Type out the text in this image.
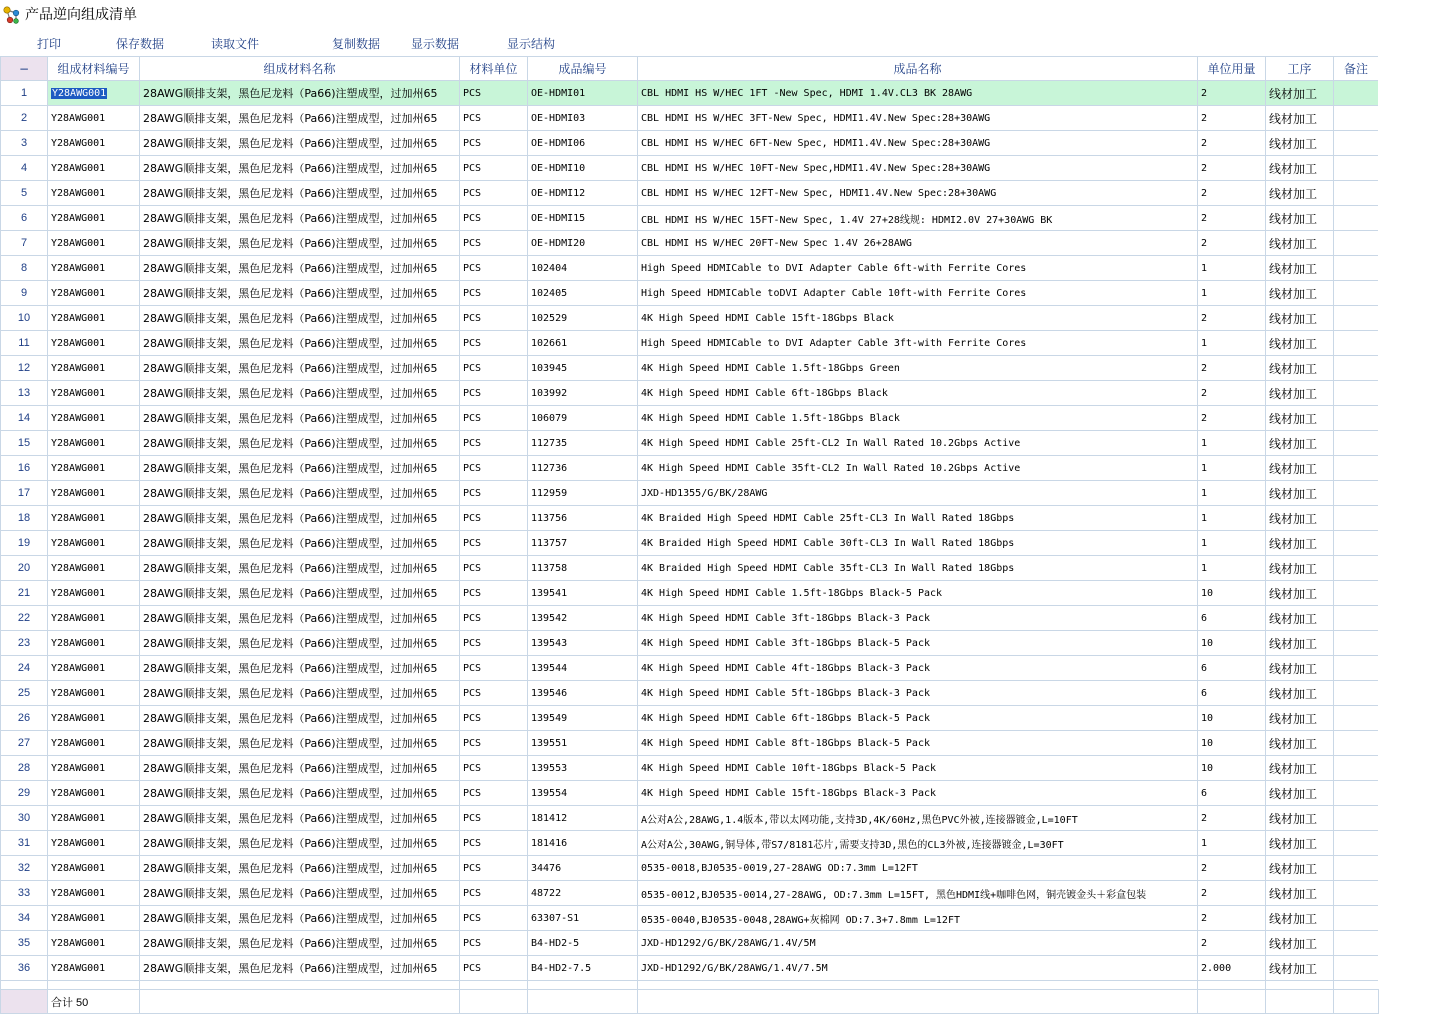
产品逆向组成清单
打印	保存数据	读取文件	复制数据	显示数据	显示结构
−	组成材料编号	组成材料名称	材料单位	成品编号	成品名称	单位用量	工序	备注
1	Y28AWG001	28AWG顺排支架，黑色尼龙料（Pa66)注塑成型，过加州65	PCS	OE-HDMI01	CBL HDMI HS W/HEC 1FT -New Spec, HDMI 1.4V.CL3 BK 28AWG	2	线材加工	
2	Y28AWG001	28AWG顺排支架，黑色尼龙料（Pa66)注塑成型，过加州65	PCS	OE-HDMI03	CBL HDMI HS W/HEC 3FT-New Spec, HDMI1.4V.New Spec:28+30AWG	2	线材加工	
3	Y28AWG001	28AWG顺排支架，黑色尼龙料（Pa66)注塑成型，过加州65	PCS	OE-HDMI06	CBL HDMI HS W/HEC 6FT-New Spec, HDMI1.4V.New Spec:28+30AWG	2	线材加工	
4	Y28AWG001	28AWG顺排支架，黑色尼龙料（Pa66)注塑成型，过加州65	PCS	OE-HDMI10	CBL HDMI HS W/HEC 10FT-New Spec,HDMI1.4V.New Spec:28+30AWG	2	线材加工	
5	Y28AWG001	28AWG顺排支架，黑色尼龙料（Pa66)注塑成型，过加州65	PCS	OE-HDMI12	CBL HDMI HS W/HEC 12FT-New Spec, HDMI1.4V.New Spec:28+30AWG	2	线材加工	
6	Y28AWG001	28AWG顺排支架，黑色尼龙料（Pa66)注塑成型，过加州65	PCS	OE-HDMI15	CBL HDMI HS W/HEC 15FT-New Spec, 1.4V 27+28线规: HDMI2.0V 27+30AWG BK	2	线材加工	
7	Y28AWG001	28AWG顺排支架，黑色尼龙料（Pa66)注塑成型，过加州65	PCS	OE-HDMI20	CBL HDMI HS W/HEC 20FT-New Spec 1.4V 26+28AWG	2	线材加工	
8	Y28AWG001	28AWG顺排支架，黑色尼龙料（Pa66)注塑成型，过加州65	PCS	102404	High Speed HDMICable to DVI Adapter Cable 6ft-with Ferrite Cores	1	线材加工	
9	Y28AWG001	28AWG顺排支架，黑色尼龙料（Pa66)注塑成型，过加州65	PCS	102405	High Speed HDMICable toDVI Adapter Cable 10ft-with Ferrite Cores	1	线材加工	
10	Y28AWG001	28AWG顺排支架，黑色尼龙料（Pa66)注塑成型，过加州65	PCS	102529	4K High Speed HDMI Cable 15ft-18Gbps Black	2	线材加工	
11	Y28AWG001	28AWG顺排支架，黑色尼龙料（Pa66)注塑成型，过加州65	PCS	102661	High Speed HDMICable to DVI Adapter Cable 3ft-with Ferrite Cores	1	线材加工	
12	Y28AWG001	28AWG顺排支架，黑色尼龙料（Pa66)注塑成型，过加州65	PCS	103945	4K High Speed HDMI Cable 1.5ft-18Gbps Green	2	线材加工	
13	Y28AWG001	28AWG顺排支架，黑色尼龙料（Pa66)注塑成型，过加州65	PCS	103992	4K High Speed HDMI Cable 6ft-18Gbps Black	2	线材加工	
14	Y28AWG001	28AWG顺排支架，黑色尼龙料（Pa66)注塑成型，过加州65	PCS	106079	4K High Speed HDMI Cable 1.5ft-18Gbps Black	2	线材加工	
15	Y28AWG001	28AWG顺排支架，黑色尼龙料（Pa66)注塑成型，过加州65	PCS	112735	4K High Speed HDMI Cable 25ft-CL2 In Wall Rated 10.2Gbps Active	1	线材加工	
16	Y28AWG001	28AWG顺排支架，黑色尼龙料（Pa66)注塑成型，过加州65	PCS	112736	4K High Speed HDMI Cable 35ft-CL2 In Wall Rated 10.2Gbps Active	1	线材加工	
17	Y28AWG001	28AWG顺排支架，黑色尼龙料（Pa66)注塑成型，过加州65	PCS	112959	JXD-HD1355/G/BK/28AWG	1	线材加工	
18	Y28AWG001	28AWG顺排支架，黑色尼龙料（Pa66)注塑成型，过加州65	PCS	113756	4K Braided High Speed HDMI Cable 25ft-CL3 In Wall Rated 18Gbps	1	线材加工	
19	Y28AWG001	28AWG顺排支架，黑色尼龙料（Pa66)注塑成型，过加州65	PCS	113757	4K Braided High Speed HDMI Cable 30ft-CL3 In Wall Rated 18Gbps	1	线材加工	
20	Y28AWG001	28AWG顺排支架，黑色尼龙料（Pa66)注塑成型，过加州65	PCS	113758	4K Braided High Speed HDMI Cable 35ft-CL3 In Wall Rated 18Gbps	1	线材加工	
21	Y28AWG001	28AWG顺排支架，黑色尼龙料（Pa66)注塑成型，过加州65	PCS	139541	4K High Speed HDMI Cable 1.5ft-18Gbps Black-5 Pack	10	线材加工	
22	Y28AWG001	28AWG顺排支架，黑色尼龙料（Pa66)注塑成型，过加州65	PCS	139542	4K High Speed HDMI Cable 3ft-18Gbps Black-3 Pack	6	线材加工	
23	Y28AWG001	28AWG顺排支架，黑色尼龙料（Pa66)注塑成型，过加州65	PCS	139543	4K High Speed HDMI Cable 3ft-18Gbps Black-5 Pack	10	线材加工	
24	Y28AWG001	28AWG顺排支架，黑色尼龙料（Pa66)注塑成型，过加州65	PCS	139544	4K High Speed HDMI Cable 4ft-18Gbps Black-3 Pack	6	线材加工	
25	Y28AWG001	28AWG顺排支架，黑色尼龙料（Pa66)注塑成型，过加州65	PCS	139546	4K High Speed HDMI Cable 5ft-18Gbps Black-3 Pack	6	线材加工	
26	Y28AWG001	28AWG顺排支架，黑色尼龙料（Pa66)注塑成型，过加州65	PCS	139549	4K High Speed HDMI Cable 6ft-18Gbps Black-5 Pack	10	线材加工	
27	Y28AWG001	28AWG顺排支架，黑色尼龙料（Pa66)注塑成型，过加州65	PCS	139551	4K High Speed HDMI Cable 8ft-18Gbps Black-5 Pack	10	线材加工	
28	Y28AWG001	28AWG顺排支架，黑色尼龙料（Pa66)注塑成型，过加州65	PCS	139553	4K High Speed HDMI Cable 10ft-18Gbps Black-5 Pack	10	线材加工	
29	Y28AWG001	28AWG顺排支架，黑色尼龙料（Pa66)注塑成型，过加州65	PCS	139554	4K High Speed HDMI Cable 15ft-18Gbps Black-3 Pack	6	线材加工	
30	Y28AWG001	28AWG顺排支架，黑色尼龙料（Pa66)注塑成型，过加州65	PCS	181412	A公对A公,28AWG,1.4版本,带以太网功能,支持3D,4K/60Hz,黑色PVC外被,连接器镀金,L=10FT	2	线材加工	
31	Y28AWG001	28AWG顺排支架，黑色尼龙料（Pa66)注塑成型，过加州65	PCS	181416	A公对A公,30AWG,铜导体,带S7/8181芯片,需要支持3D,黑色的CL3外被,连接器镀金,L=30FT	1	线材加工	
32	Y28AWG001	28AWG顺排支架，黑色尼龙料（Pa66)注塑成型，过加州65	PCS	34476	0535-0018,BJ0535-0019,27-28AWG OD:7.3mm L=12FT	2	线材加工	
33	Y28AWG001	28AWG顺排支架，黑色尼龙料（Pa66)注塑成型，过加州65	PCS	48722	0535-0012,BJ0535-0014,27-28AWG, OD:7.3mm L=15FT, 黑色HDMI线+咖啡色网，铜壳镀金头＋彩盒包装	2	线材加工	
34	Y28AWG001	28AWG顺排支架，黑色尼龙料（Pa66)注塑成型，过加州65	PCS	63307-S1	0535-0040,BJ0535-0048,28AWG+灰棉网 OD:7.3+7.8mm L=12FT	2	线材加工	
35	Y28AWG001	28AWG顺排支架，黑色尼龙料（Pa66)注塑成型，过加州65	PCS	B4-HD2-5	JXD-HD1292/G/BK/28AWG/1.4V/5M	2	线材加工	
36	Y28AWG001	28AWG顺排支架，黑色尼龙料（Pa66)注塑成型，过加州65	PCS	B4-HD2-7.5	JXD-HD1292/G/BK/28AWG/1.4V/7.5M	2.000	线材加工	

	合计 50							
